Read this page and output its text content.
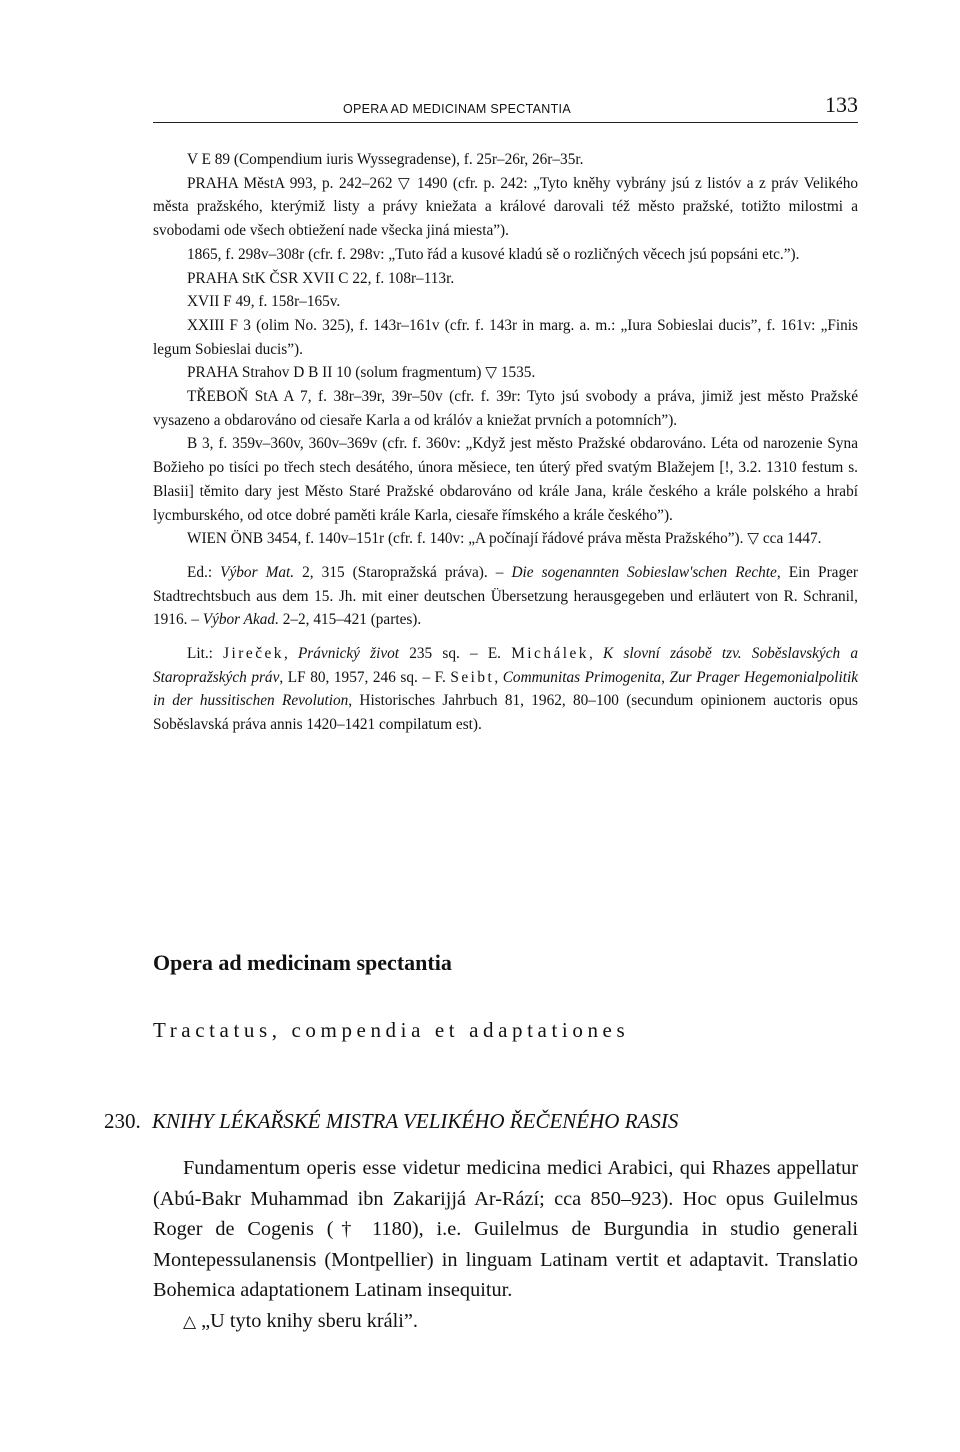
OPERA AD MEDICINAM SPECTANTIA	133

V E 89 (Compendium iuris Wyssegradense), f. 25r–26r, 26r–35r.

PRAHA MěstA 993, p. 242–262 ▽ 1490 (cfr. p. 242: „Tyto kněhy vybrány jsú z listóv a z práv Velikého města pražského, kterýmiž listy a právy kniežata a králové darovali též město pražské, totižto milostmi a svobodami ode všech obtiežení nade všecka jiná miesta”).

1865, f. 298v–308r (cfr. f. 298v: „Tuto řád a kusové kladú sě o rozličných věcech jsú popsáni etc.”).

PRAHA StK ČSR XVII C 22, f. 108r–113r.

XVII F 49, f. 158r–165v.

XXIII F 3 (olim No. 325), f. 143r–161v (cfr. f. 143r in marg. a. m.: „Iura Sobieslai ducis”, f. 161v: „Finis legum Sobieslai ducis”).

PRAHA Strahov D B II 10 (solum fragmentum) ▽ 1535.

TŘEBOŇ StA A 7, f. 38r–39r, 39r–50v (cfr. f. 39r: Tyto jsú svobody a práva, jimiž jest město Pražské vysazeno a obdarováno od ciesaře Karla a od králóv a kniežat prvních a potomních”).

B 3, f. 359v–360v, 360v–369v (cfr. f. 360v: „Když jest město Pražské obdarováno. Léta od narozenie Syna Božieho po tisíci po třech stech desátého, února měsiece, ten úterý před svatým Blažejem [!, 3.2. 1310 festum s. Blasii] těmito dary jest Město Staré Pražské obdarováno od krále Jana, krále českého a krále polského a hrabí lycmburského, od otce dobré paměti krále Karla, ciesaře římského a krále českého”).

WIEN ÖNB 3454, f. 140v–151r (cfr. f. 140v: „A počínají řádové práva města Pražského”). ▽ cca 1447.

Ed.: Výbor Mat. 2, 315 (Staropražská práva). – Die sogenannten Sobieslaw'schen Rechte, Ein Prager Stadtrechtsbuch aus dem 15. Jh. mit einer deutschen Übersetzung herausgegeben und erläutert von R. Schranil, 1916. – Výbor Akad. 2–2, 415–421 (partes).

Lit.: Jireček, Právnický život 235 sq. – E. Michálek, K slovní zásobě tzv. Soběslavských a Staropražských práv, LF 80, 1957, 246 sq. – F. Seibt, Communitas Primogenita, Zur Prager Hegemonialpolitik in der hussitischen Revolution, Historisches Jahrbuch 81, 1962, 80–100 (secundum opinionem auctoris opus Soběslavská práva annis 1420–1421 compilatum est).

Opera ad medicinam spectantia
Tractatus, compendia et adaptationes
230. KNIHY LÉKAŘSKÉ MISTRA VELIKÉHO ŘEČENÉHO RASIS

Fundamentum operis esse videtur medicina medici Arabici, qui Rhazes appellatur (Abú-Bakr Muhammad ibn Zakarijjá Ar-Rází; cca 850–923). Hoc opus Guilelmus Roger de Cogenis († 1180), i.e. Guilelmus de Burgundia in studio generali Montepessulanensis (Montpellier) in linguam Latinam vertit et adaptavit. Translatio Bohemica adaptationem Latinam insequitur.

△ „U tyto knihy sberu králi”.
